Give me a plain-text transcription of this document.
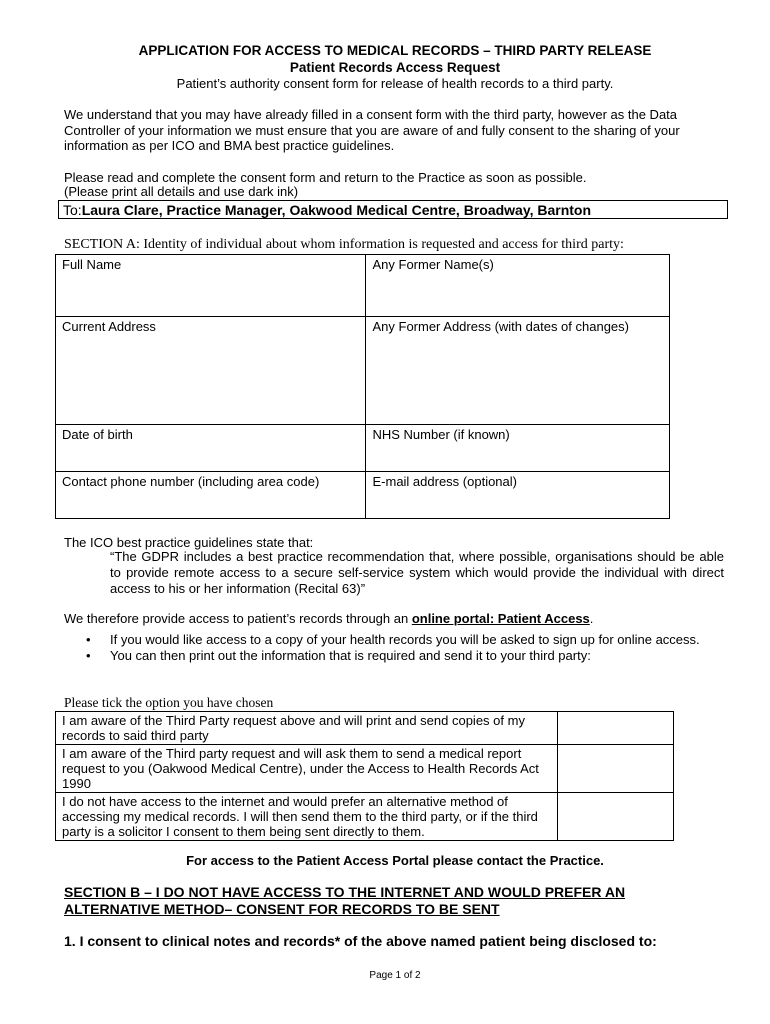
APPLICATION FOR ACCESS TO MEDICAL RECORDS – THIRD PARTY RELEASE
Patient Records Access Request
Patient’s authority consent form for release of health records to a third party.
We understand that you may have already filled in a consent form with the third party, however as the Data Controller of your information we must ensure that you are aware of and fully consent to the sharing of your information as per ICO and BMA best practice guidelines.
Please read and complete the consent form and return to the Practice as soon as possible.
(Please print all details and use dark ink)
To:Laura Clare, Practice Manager, Oakwood Medical Centre, Broadway, Barnton
SECTION A: Identity of individual about whom information is requested and access for third party:
Full Name	Any Former Name(s)
Current Address	Any Former Address (with dates of changes)
Date of birth	NHS Number (if known)
Contact phone number (including area code)	E-mail address (optional)
The ICO best practice guidelines state that:
“The GDPR includes a best practice recommendation that, where possible, organisations should be able to provide remote access to a secure self-service system which would provide the individual with direct access to his or her information (Recital 63)”
We therefore provide access to patient’s records through an online portal: Patient Access.
•	If you would like access to a copy of your health records you will be asked to sign up for online access.
•	You can then print out the information that is required and send it to your third party:
Please tick the option you have chosen
I am aware of the Third Party request above and will print and send copies of my records to said third party	
I am aware of the Third party request and will ask them to send a medical report request to you (Oakwood Medical Centre), under the Access to Health Records Act 1990	
I do not have access to the internet and would prefer an alternative method of accessing my medical records. I will then send them to the third party, or if the third party is a solicitor I consent to them being sent directly to them.	
For access to the Patient Access Portal please contact the Practice.
SECTION B – I DO NOT HAVE ACCESS TO THE INTERNET AND WOULD PREFER AN
ALTERNATIVE METHOD– CONSENT FOR RECORDS TO BE SENT
1. I consent to clinical notes and records* of the above named patient being disclosed to:
Page 1 of 2
